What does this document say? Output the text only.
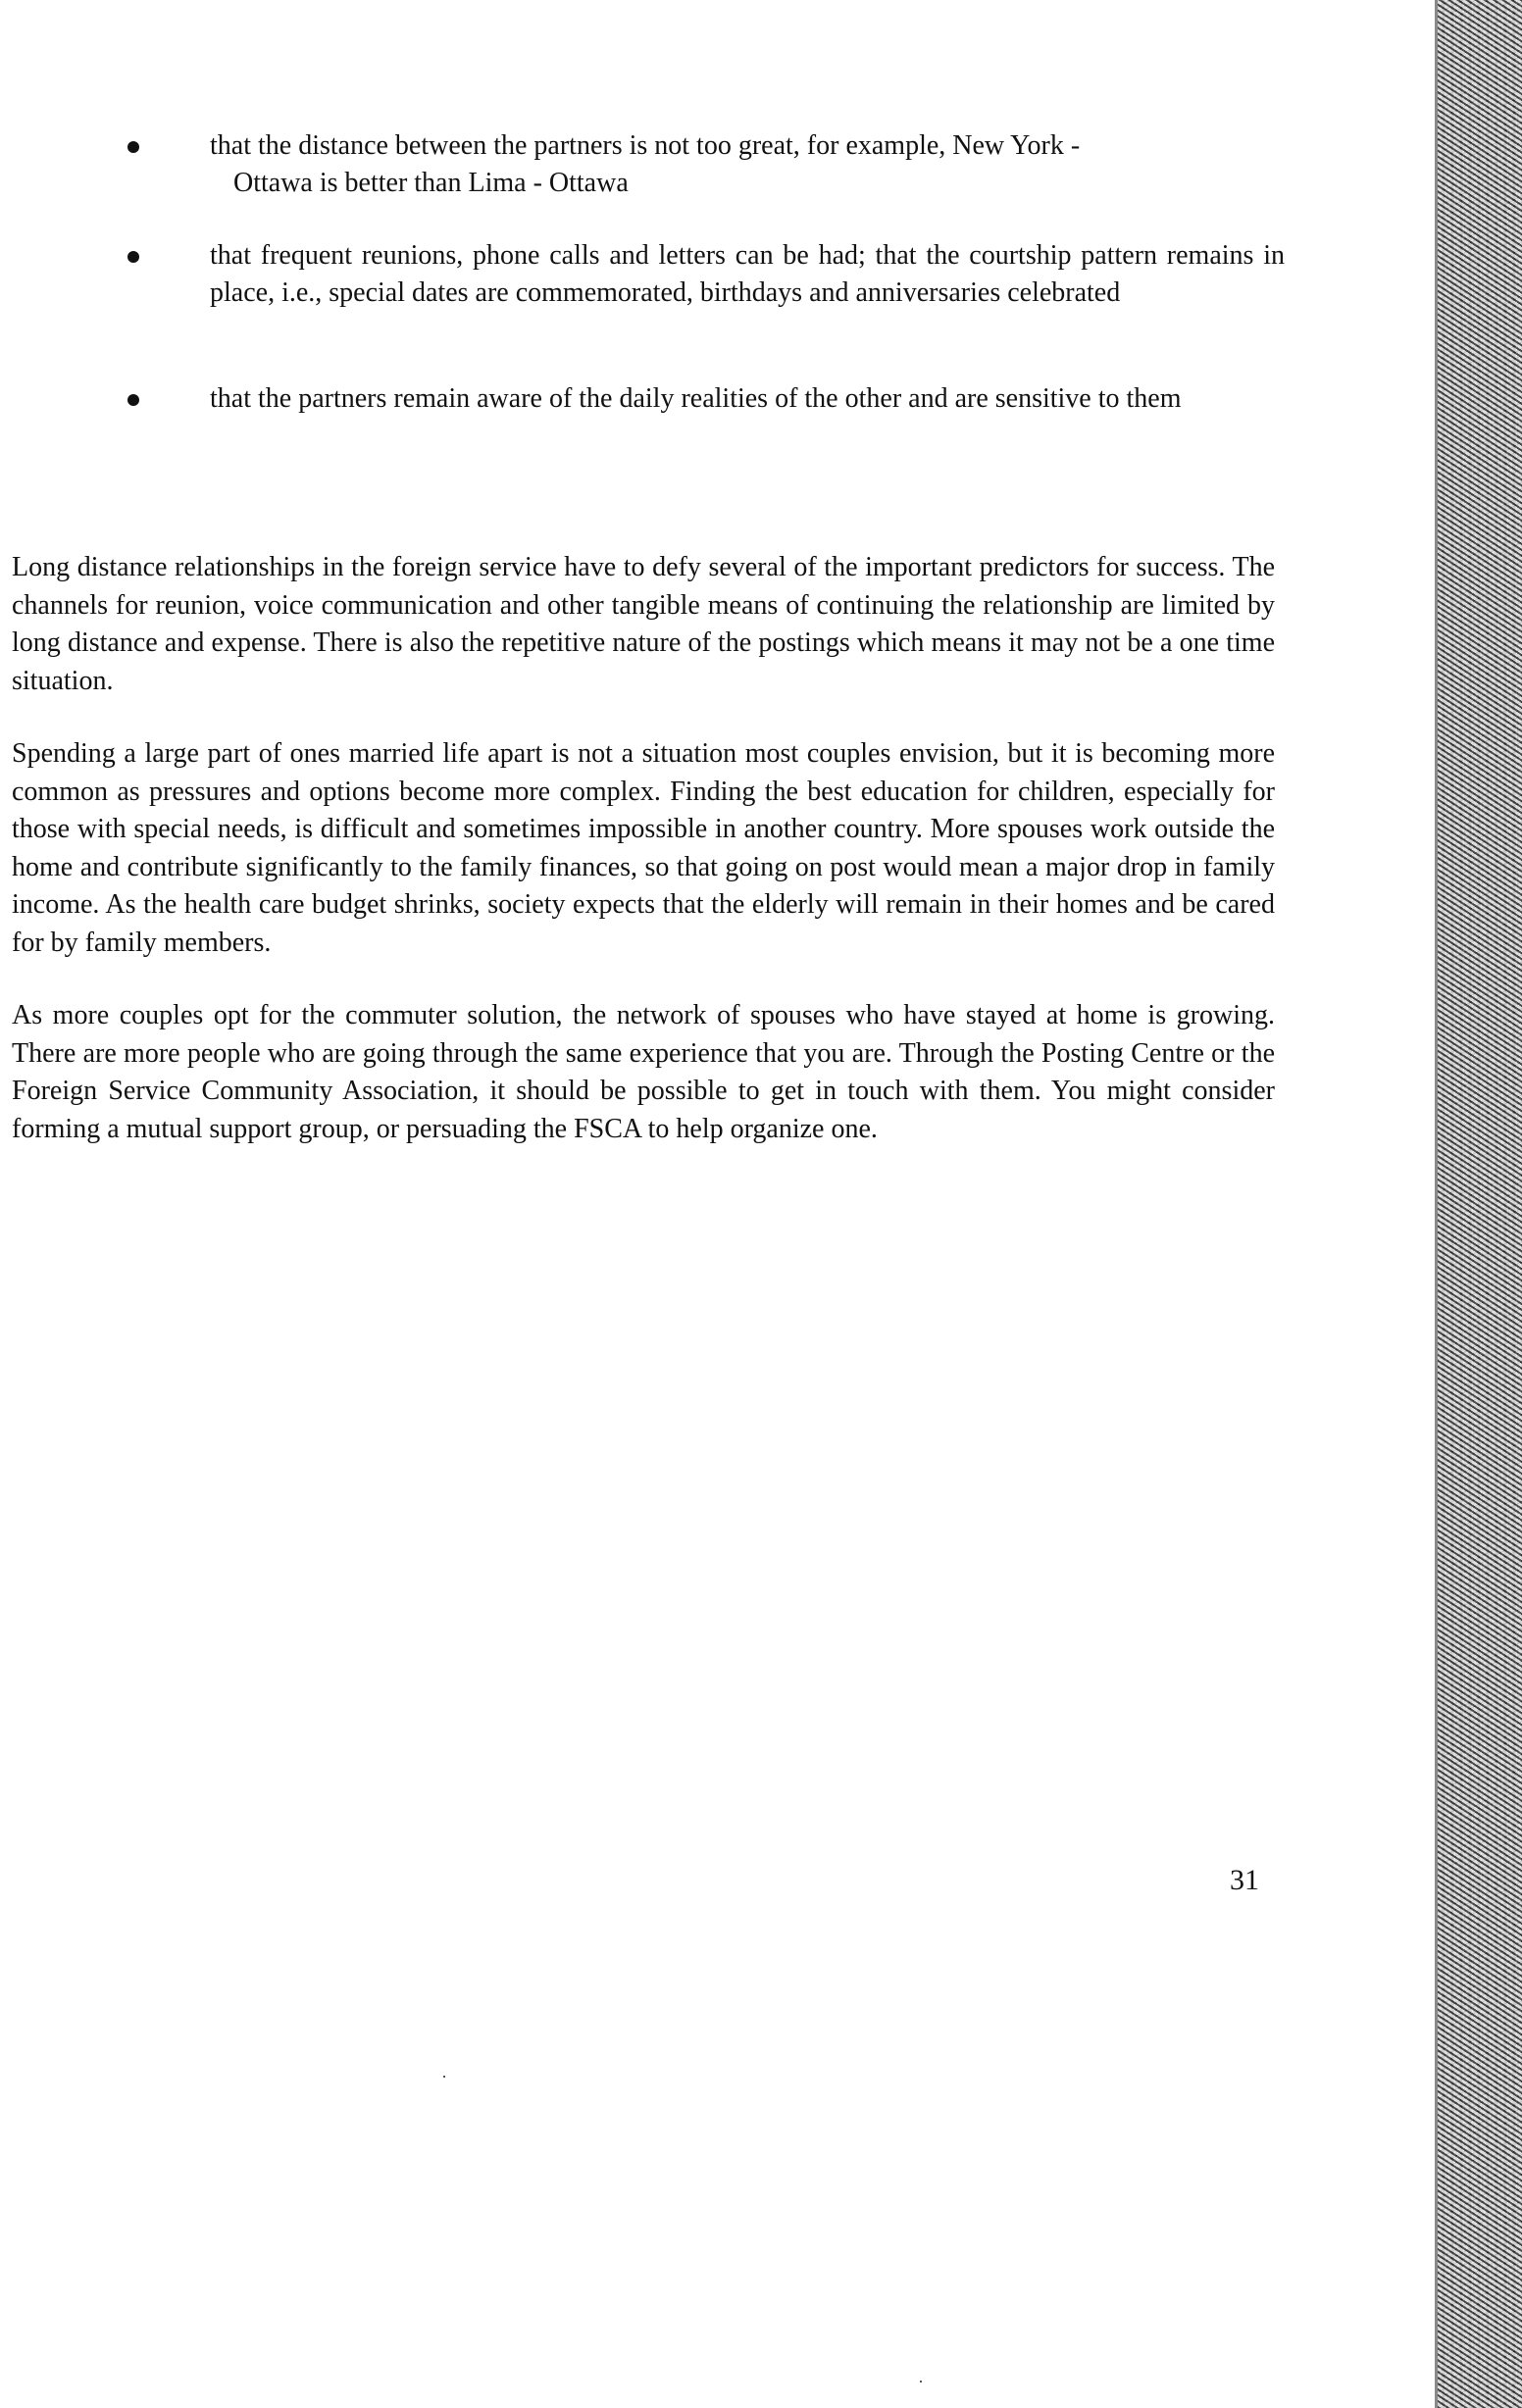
that the distance between the partners is not too great, for example, New York -
Ottawa is better than Lima - Ottawa
that frequent reunions, phone calls and letters can be had; that the courtship pattern remains in place, i.e., special dates are commemorated, birthdays and anniversaries celebrated
that the partners remain aware of the daily realities of the other and are sensitive to them

Long distance relationships in the foreign service have to defy several of the important predictors for success. The channels for reunion, voice communication and other tangible means of continuing the relationship are limited by long distance and expense. There is also the repetitive nature of the postings which means it may not be a one time situation.

Spending a large part of ones married life apart is not a situation most couples envision, but it is becoming more common as pressures and options become more complex. Finding the best education for children, especially for those with special needs, is difficult and sometimes impossible in another country. More spouses work outside the home and contribute significantly to the family finances, so that going on post would mean a major drop in family income. As the health care budget shrinks, society expects that the elderly will remain in their homes and be cared for by family members.

As more couples opt for the commuter solution, the network of spouses who have stayed at home is growing. There are more people who are going through the same experience that you are. Through the Posting Centre or the Foreign Service Community Association, it should be possible to get in touch with them. You might consider forming a mutual support group, or persuading the FSCA to help organize one.

31
